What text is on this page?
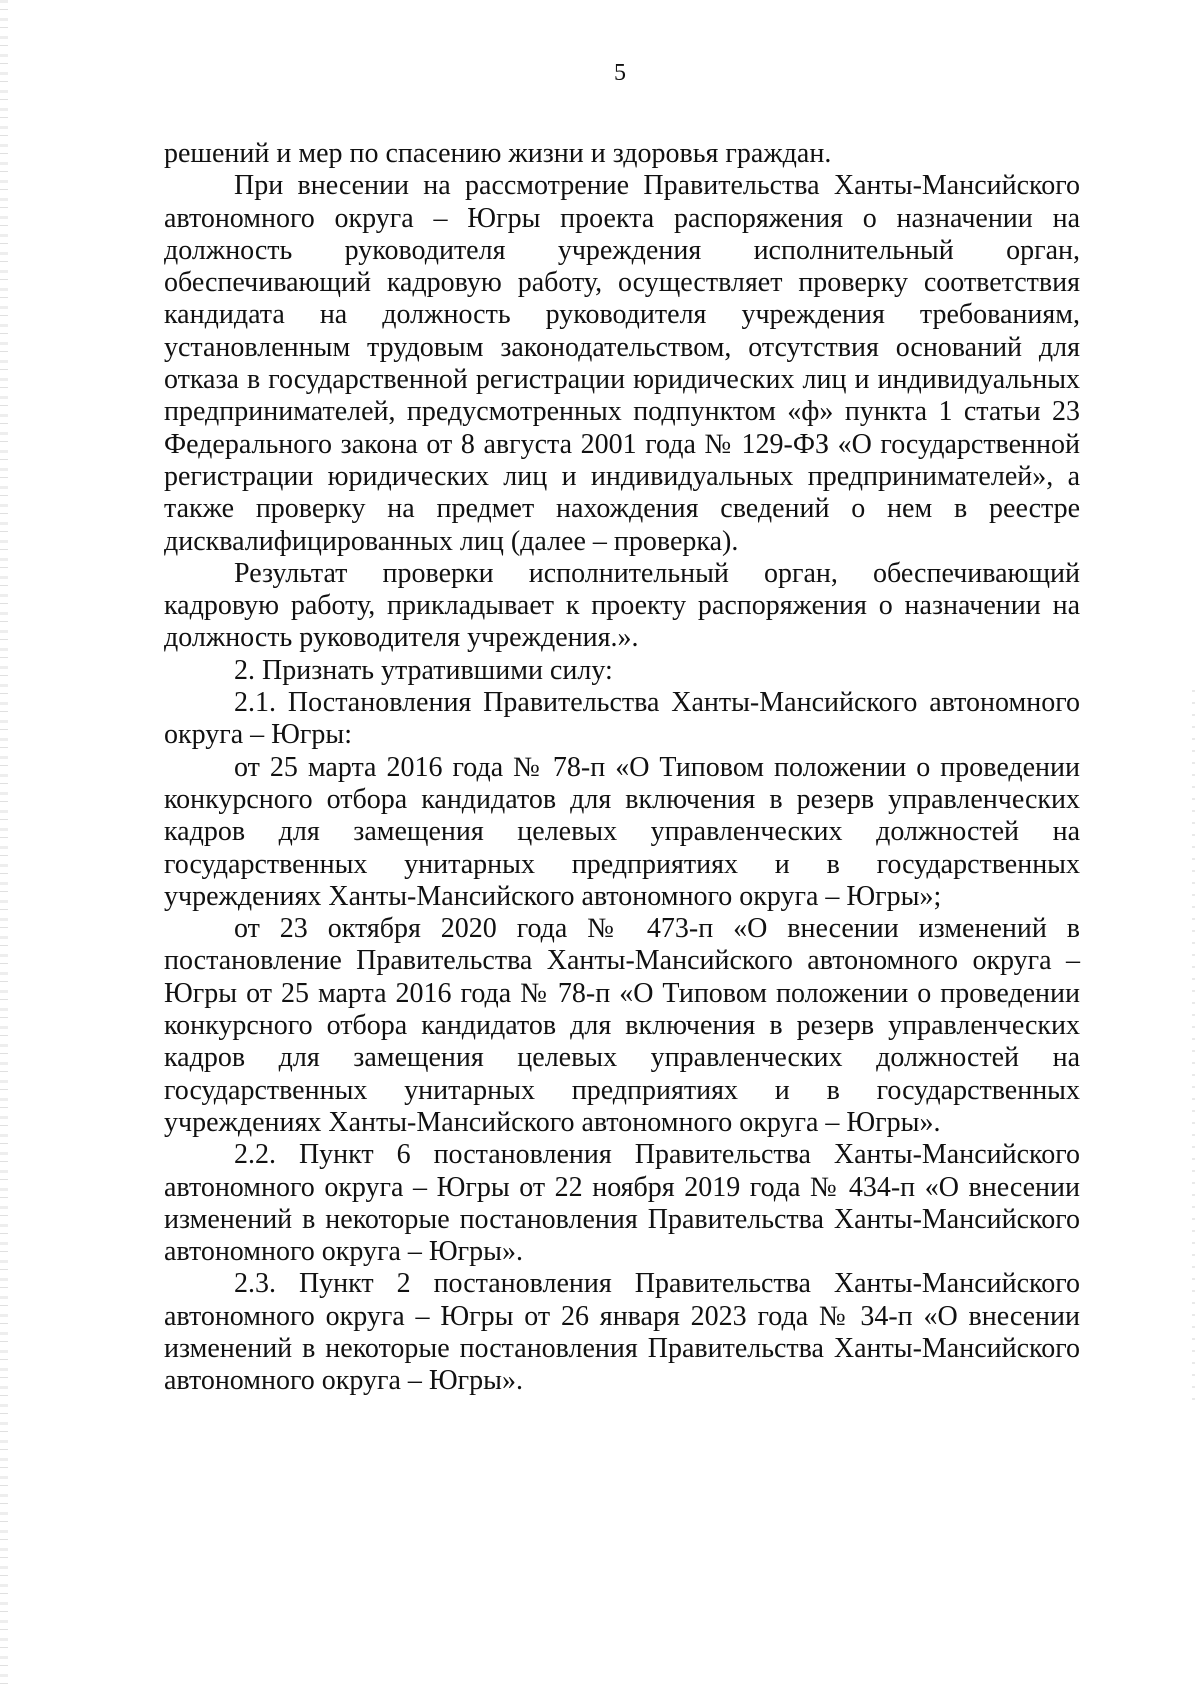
5

решений и мер по спасению жизни и здоровья граждан.

При внесении на рассмотрение Правительства Ханты-Мансийского автономного округа – Югры проекта распоряжения о назначении на должность руководителя учреждения исполнительный орган, обеспечивающий кадровую работу, осуществляет проверку соответствия кандидата на должность руководителя учреждения требованиям, установленным трудовым законодательством, отсутствия оснований для отказа в государственной регистрации юридических лиц и индивидуальных предпринимателей, предусмотренных подпунктом «ф» пункта 1 статьи 23 Федерального закона от 8 августа 2001 года № 129-ФЗ «О государственной регистрации юридических лиц и индивидуальных предпринимателей», а также проверку на предмет нахождения сведений о нем в реестре дисквалифицированных лиц (далее – проверка).

Результат проверки исполнительный орган, обеспечивающий кадровую работу, прикладывает к проекту распоряжения о назначении на должность руководителя учреждения.».

2. Признать утратившими силу:

2.1. Постановления Правительства Ханты-Мансийского автономного округа – Югры:

от 25 марта 2016 года № 78-п «О Типовом положении о проведении конкурсного отбора кандидатов для включения в резерв управленческих кадров для замещения целевых управленческих должностей на государственных унитарных предприятиях и в государственных учреждениях Ханты-Мансийского автономного округа – Югры»;

от 23 октября 2020 года № 473-п «О внесении изменений в постановление Правительства Ханты-Мансийского автономного округа – Югры от 25 марта 2016 года № 78-п «О Типовом положении о проведении конкурсного отбора кандидатов для включения в резерв управленческих кадров для замещения целевых управленческих должностей на государственных унитарных предприятиях и в государственных учреждениях Ханты-Мансийского автономного округа – Югры».

2.2. Пункт 6 постановления Правительства Ханты-Мансийского автономного округа – Югры от 22 ноября 2019 года № 434-п «О внесении изменений в некоторые постановления Правительства Ханты-Мансийского автономного округа – Югры».

2.3. Пункт 2 постановления Правительства Ханты-Мансийского автономного округа – Югры от 26 января 2023 года № 34-п «О внесении изменений в некоторые постановления Правительства Ханты-Мансийского автономного округа – Югры».
